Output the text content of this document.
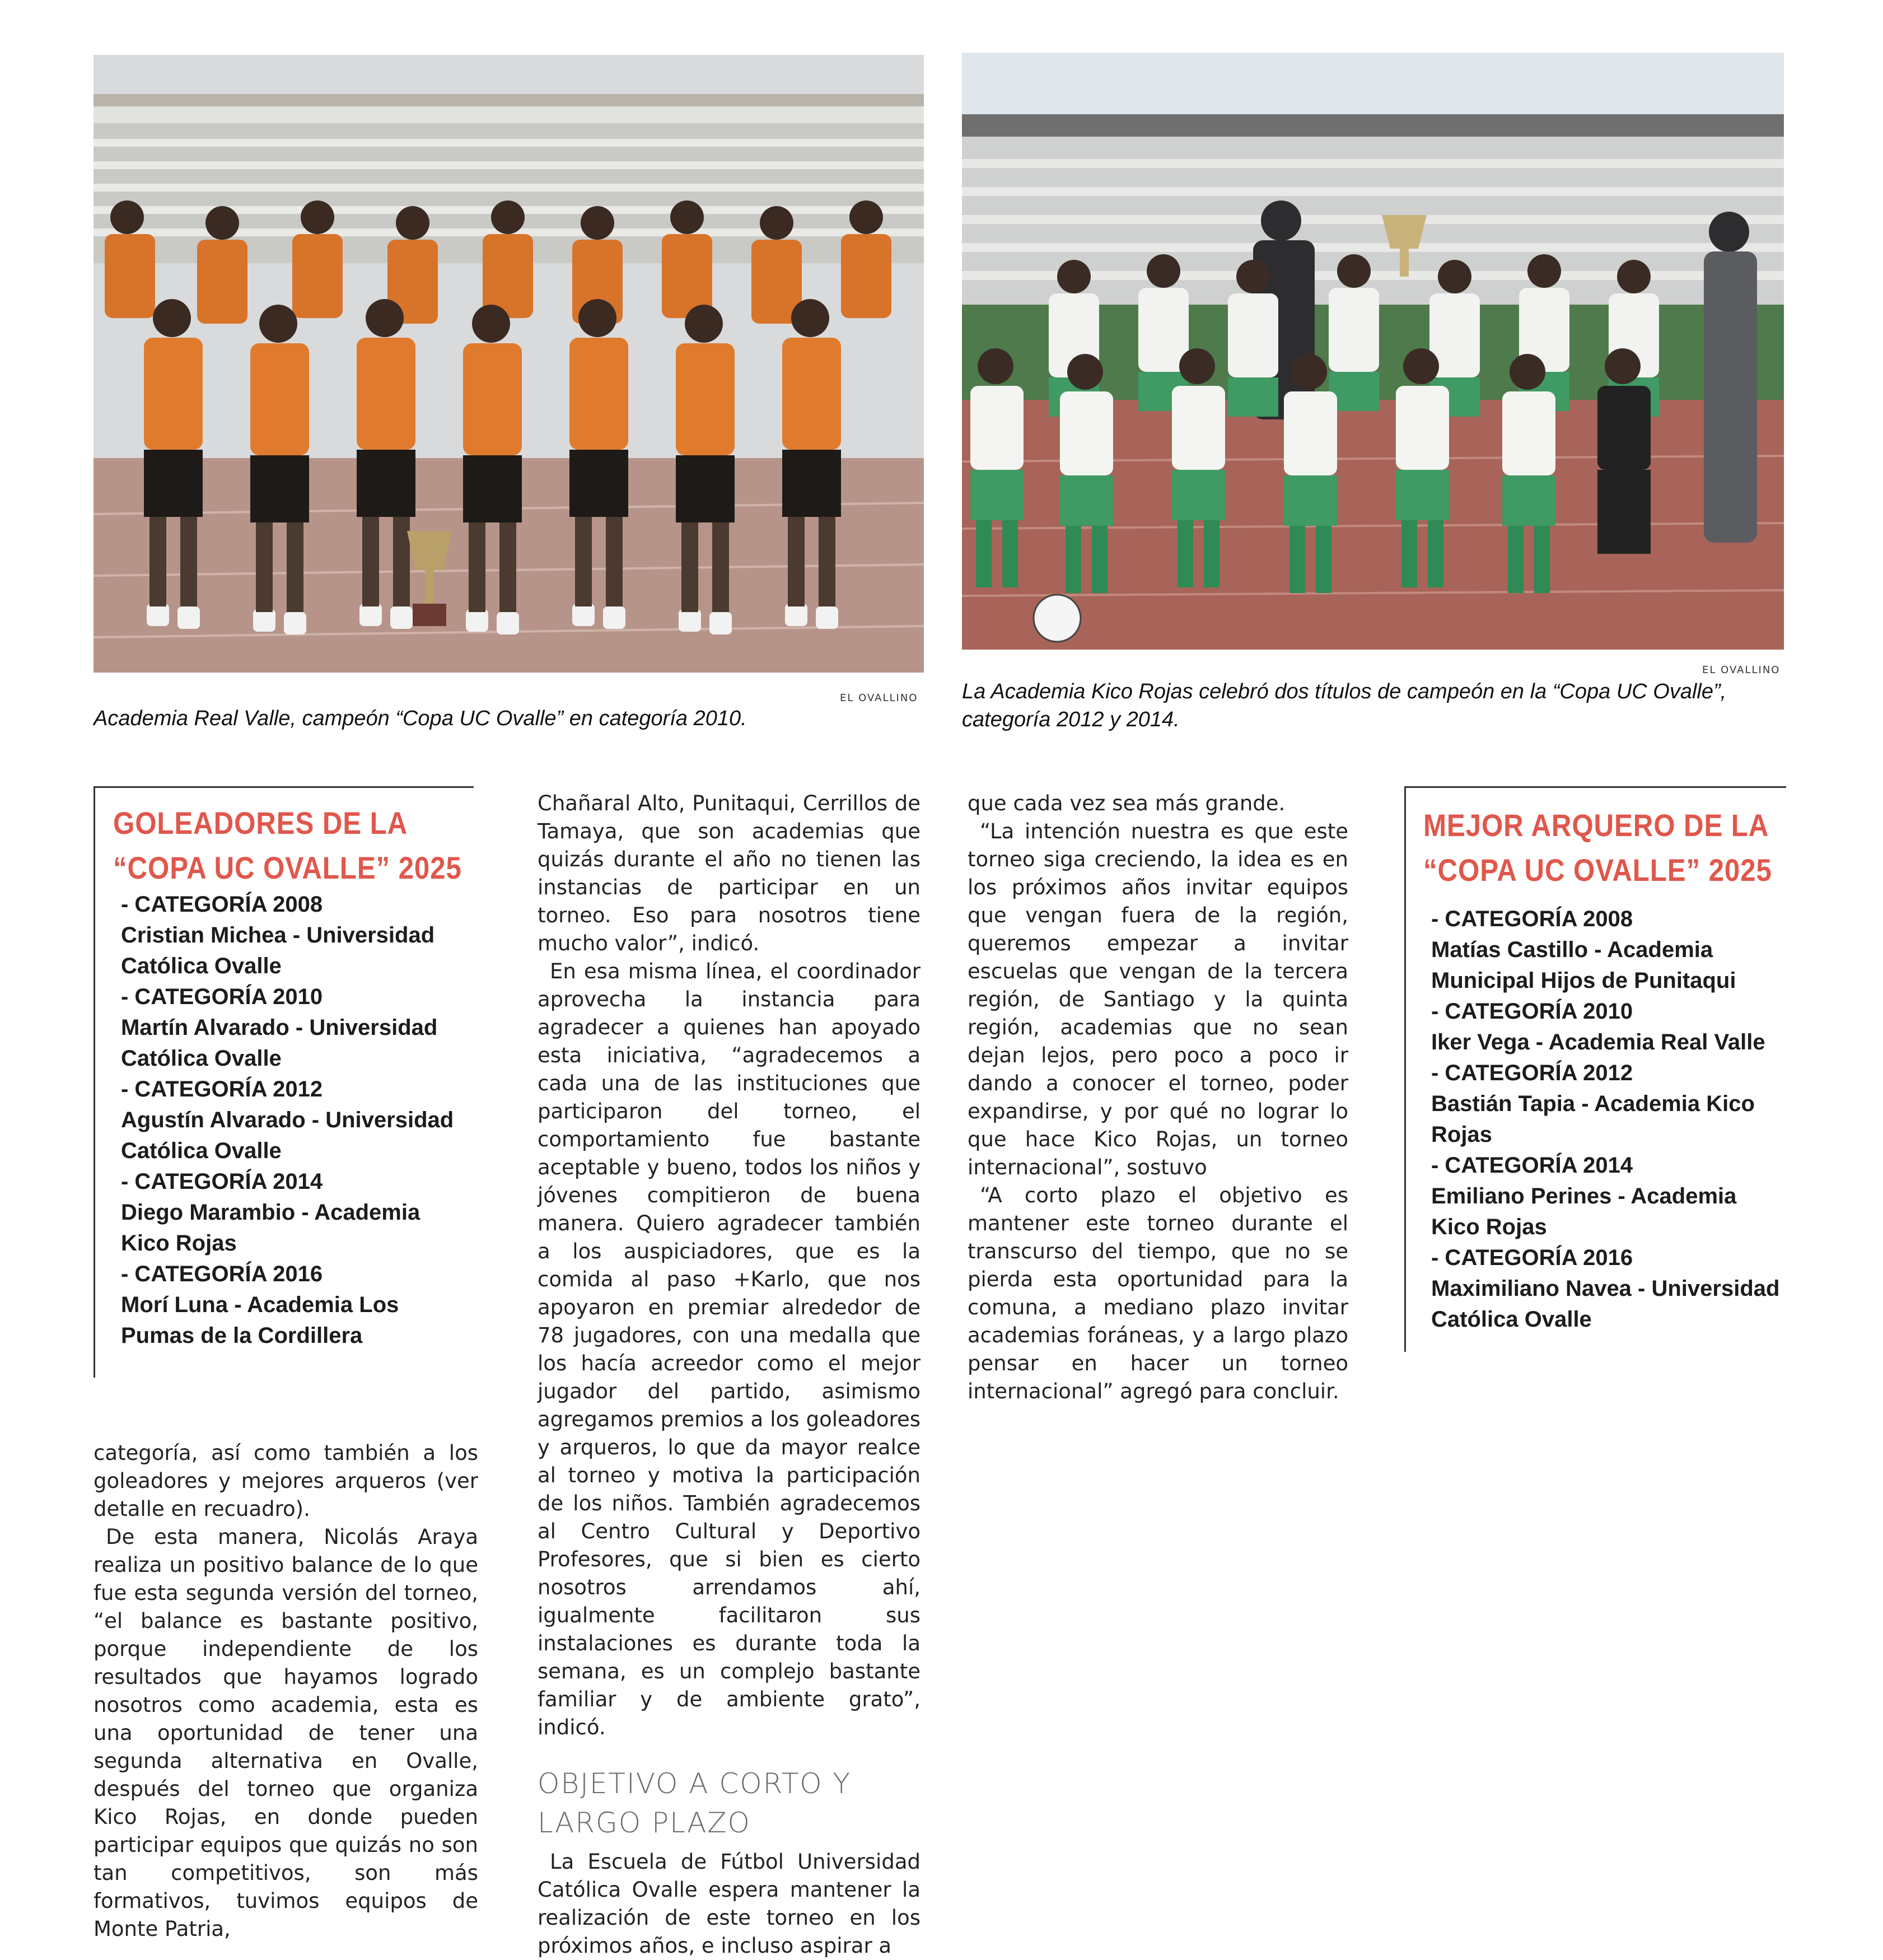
EL OVALLINO
Academia Real Valle, campeón “Copa UC Ovalle” en categoría 2010.
EL OVALLINO
La Academia Kico Rojas celebró dos títulos de campeón en la “Copa UC Ovalle”, categoría 2012 y 2014.
GOLEADORES DE LA “COPA UC OVALLE” 2025
- CATEGORÍA 2008
Cristian Michea - Universidad Católica Ovalle
- CATEGORÍA 2010
Martín Alvarado - Universidad Católica Ovalle
- CATEGORÍA 2012
Agustín Alvarado - Universidad Católica Ovalle
- CATEGORÍA 2014
Diego Marambio - Academia Kico Rojas
- CATEGORÍA 2016
Morí Luna - Academia Los Pumas de la Cordillera
MEJOR ARQUERO DE LA “COPA UC OVALLE” 2025
- CATEGORÍA 2008
Matías Castillo - Academia Municipal Hijos de Punitaqui
- CATEGORÍA 2010
Iker Vega - Academia Real Valle
- CATEGORÍA 2012
Bastián Tapia - Academia Kico Rojas
- CATEGORÍA 2014
Emiliano Perines - Academia Kico Rojas
- CATEGORÍA 2016
Maximiliano Navea - Universidad Católica Ovalle

categoría, así como también a los goleadores y mejores arqueros (ver detalle en recuadro).

De esta manera, Nicolás Araya realiza un positivo balance de lo que fue esta segunda versión del torneo, “el balance es bastante positivo, porque independiente de los resultados que hayamos logrado nosotros como academia, esta es una oportunidad de tener una segunda alternativa en Ovalle, después del torneo que organiza Kico Rojas, en donde pueden participar equipos que quizás no son tan competitivos, son más formativos, tuvimos equipos de Monte Patria,

Chañaral Alto, Punitaqui, Cerrillos de Tamaya, que son academias que quizás durante el año no tienen las instancias de participar en un torneo. Eso para nosotros tiene mucho valor”, indicó.

En esa misma línea, el coordinador aprovecha la instancia para agradecer a quienes han apoyado esta iniciativa, “agradecemos a cada una de las instituciones que participaron del torneo, el comportamiento fue bastante aceptable y bueno, todos los niños y jóvenes compitieron de buena manera. Quiero agradecer también a los auspiciadores, que es la comida al paso +Karlo, que nos apoyaron en premiar alrededor de 78 jugadores, con una medalla que los hacía acreedor como el mejor jugador del partido, asimismo agregamos premios a los goleadores y arqueros, lo que da mayor realce al torneo y motiva la participación de los niños. También agradecemos al Centro Cultural y Deportivo Profesores, que si bien es cierto nosotros arrendamos ahí, igualmente facilitaron sus instalaciones es durante toda la semana, es un complejo bastante familiar y de ambiente grato”, indicó.

OBJETIVO A CORTO Y LARGO PLAZO

La Escuela de Fútbol Universidad Católica Ovalle espera mantener la realización de este torneo en los próximos años, e incluso aspirar a

que cada vez sea más grande.

“La intención nuestra es que este torneo siga creciendo, la idea es en los próximos años invitar equipos que vengan fuera de la región, queremos empezar a invitar escuelas que vengan de la tercera región, de Santiago y la quinta región, academias que no sean dejan lejos, pero poco a poco ir dando a conocer el torneo, poder expandirse, y por qué no lograr lo que hace Kico Rojas, un torneo internacional”, sostuvo

“A corto plazo el objetivo es mantener este torneo durante el transcurso del tiempo, que no se pierda esta oportunidad para la comuna, a mediano plazo invitar academias foráneas, y a largo plazo pensar en hacer un torneo internacional” agregó para concluir.
